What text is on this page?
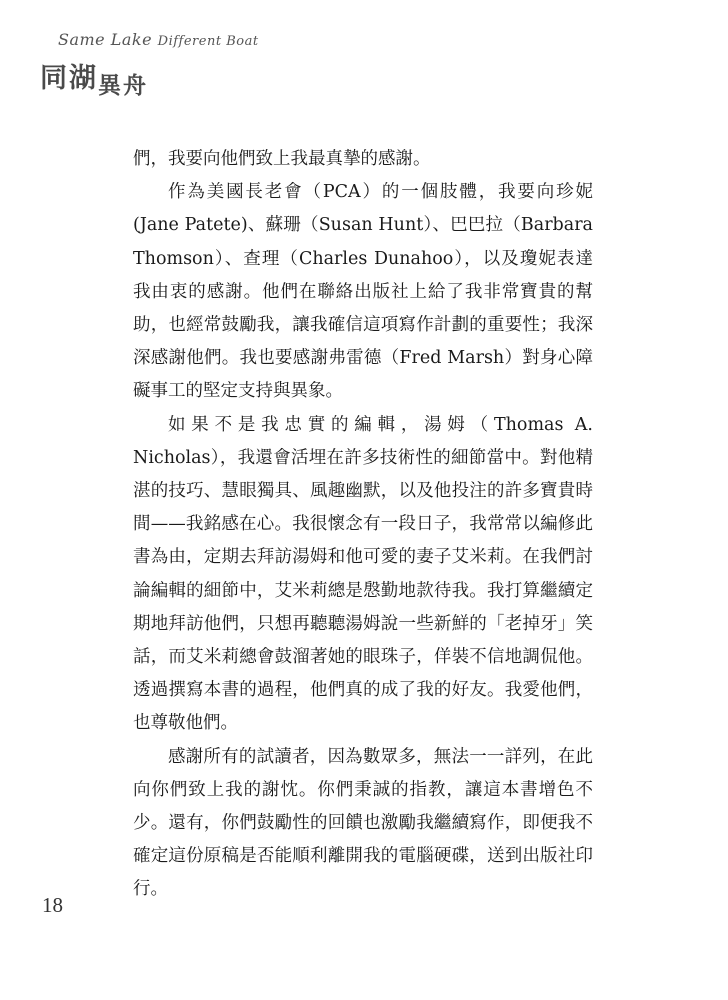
Same Lake Different Boat
同湖異舟

們，我要向他們致上我最真摯的感謝。

作為美國長老會（PCA）的一個肢體，我要向珍妮(Jane Patete)、蘇珊（Susan Hunt）、巴巴拉（Barbara Thomson）、查理（Charles Dunahoo），以及瓊妮表達我由衷的感謝。他們在聯絡出版社上給了我非常寶貴的幫助，也經常鼓勵我，讓我確信這項寫作計劃的重要性；我深深感謝他們。我也要感謝弗雷德（Fred Marsh）對身心障礙事工的堅定支持與異象。

如果不是我忠實的編輯，湯姆（Thomas A. Nicholas），我還會活埋在許多技術性的細節當中。對他精湛的技巧、慧眼獨具、風趣幽默，以及他投注的許多寶貴時間——我銘感在心。我很懷念有一段日子，我常常以編修此書為由，定期去拜訪湯姆和他可愛的妻子艾米莉。在我們討論編輯的細節中，艾米莉總是慇勤地款待我。我打算繼續定期地拜訪他們，只想再聽聽湯姆說一些新鮮的「老掉牙」笑話，而艾米莉總會鼓溜著她的眼珠子，佯裝不信地調侃他。透過撰寫本書的過程，他們真的成了我的好友。我愛他們，也尊敬他們。

感謝所有的試讀者，因為數眾多，無法一一詳列，在此向你們致上我的謝忱。你們秉誠的指教，讓這本書增色不少。還有，你們鼓勵性的回饋也激勵我繼續寫作，即便我不確定這份原稿是否能順利離開我的電腦硬碟，送到出版社印行。

18
